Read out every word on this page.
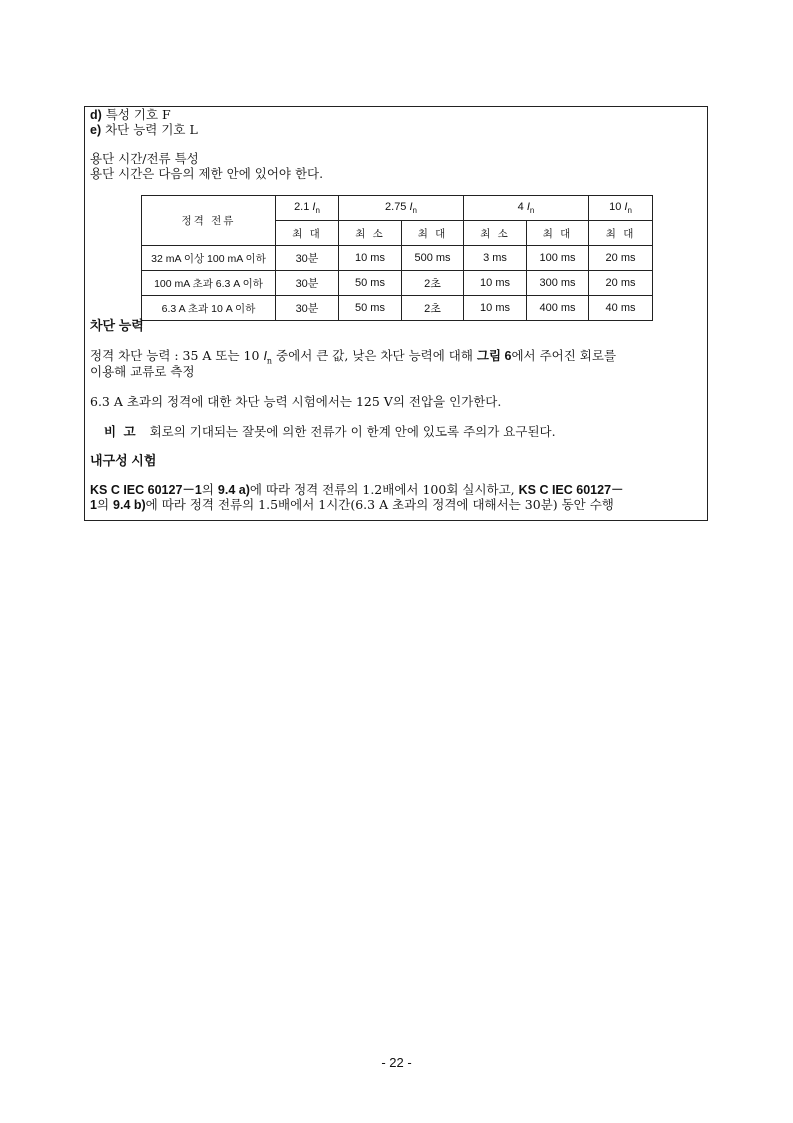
d) 특성 기호 F
e) 차단 능력 기호 L
용단 시간/전류 특성
용단 시간은 다음의 제한 안에 있어야 한다.
정격 전류	2.1 $I_n$	2.75 $I_n$		4 $I_n$		10 $I_n$
	최 대	최 소	최 대	최 소	최 대	최 대
32 mA 이상 100 mA 이하	30분	10 ms	500 ms	3 ms	100 ms	20 ms
100 mA 초과 6.3 A 이하	30분	50 ms	2초	10 ms	300 ms	20 ms
6.3 A 초과 10 A 이하	30분	50 ms	2초	10 ms	400 ms	40 ms
차단 능력
정격 차단 능력 : 35 A 또는 10 $I_n$ 중에서 큰 값, 낮은 차단 능력에 대해 그림 6에서 주어진 회로를
이용해 교류로 측정
6.3 A 초과의 정격에 대한 차단 능력 시험에서는 125 V의 전압을 인가한다.
비 고 회로의 기대되는 잘못에 의한 전류가 이 한계 안에 있도록 주의가 요구된다.
내구성 시험
KS C IEC 60127－1의 9.4 a)에 따라 정격 전류의 1.2배에서 100회 실시하고, KS C IEC 60127－
1의 9.4 b)에 따라 정격 전류의 1.5배에서 1시간(6.3 A 초과의 정격에 대해서는 30분) 동안 수행
- 22 -
